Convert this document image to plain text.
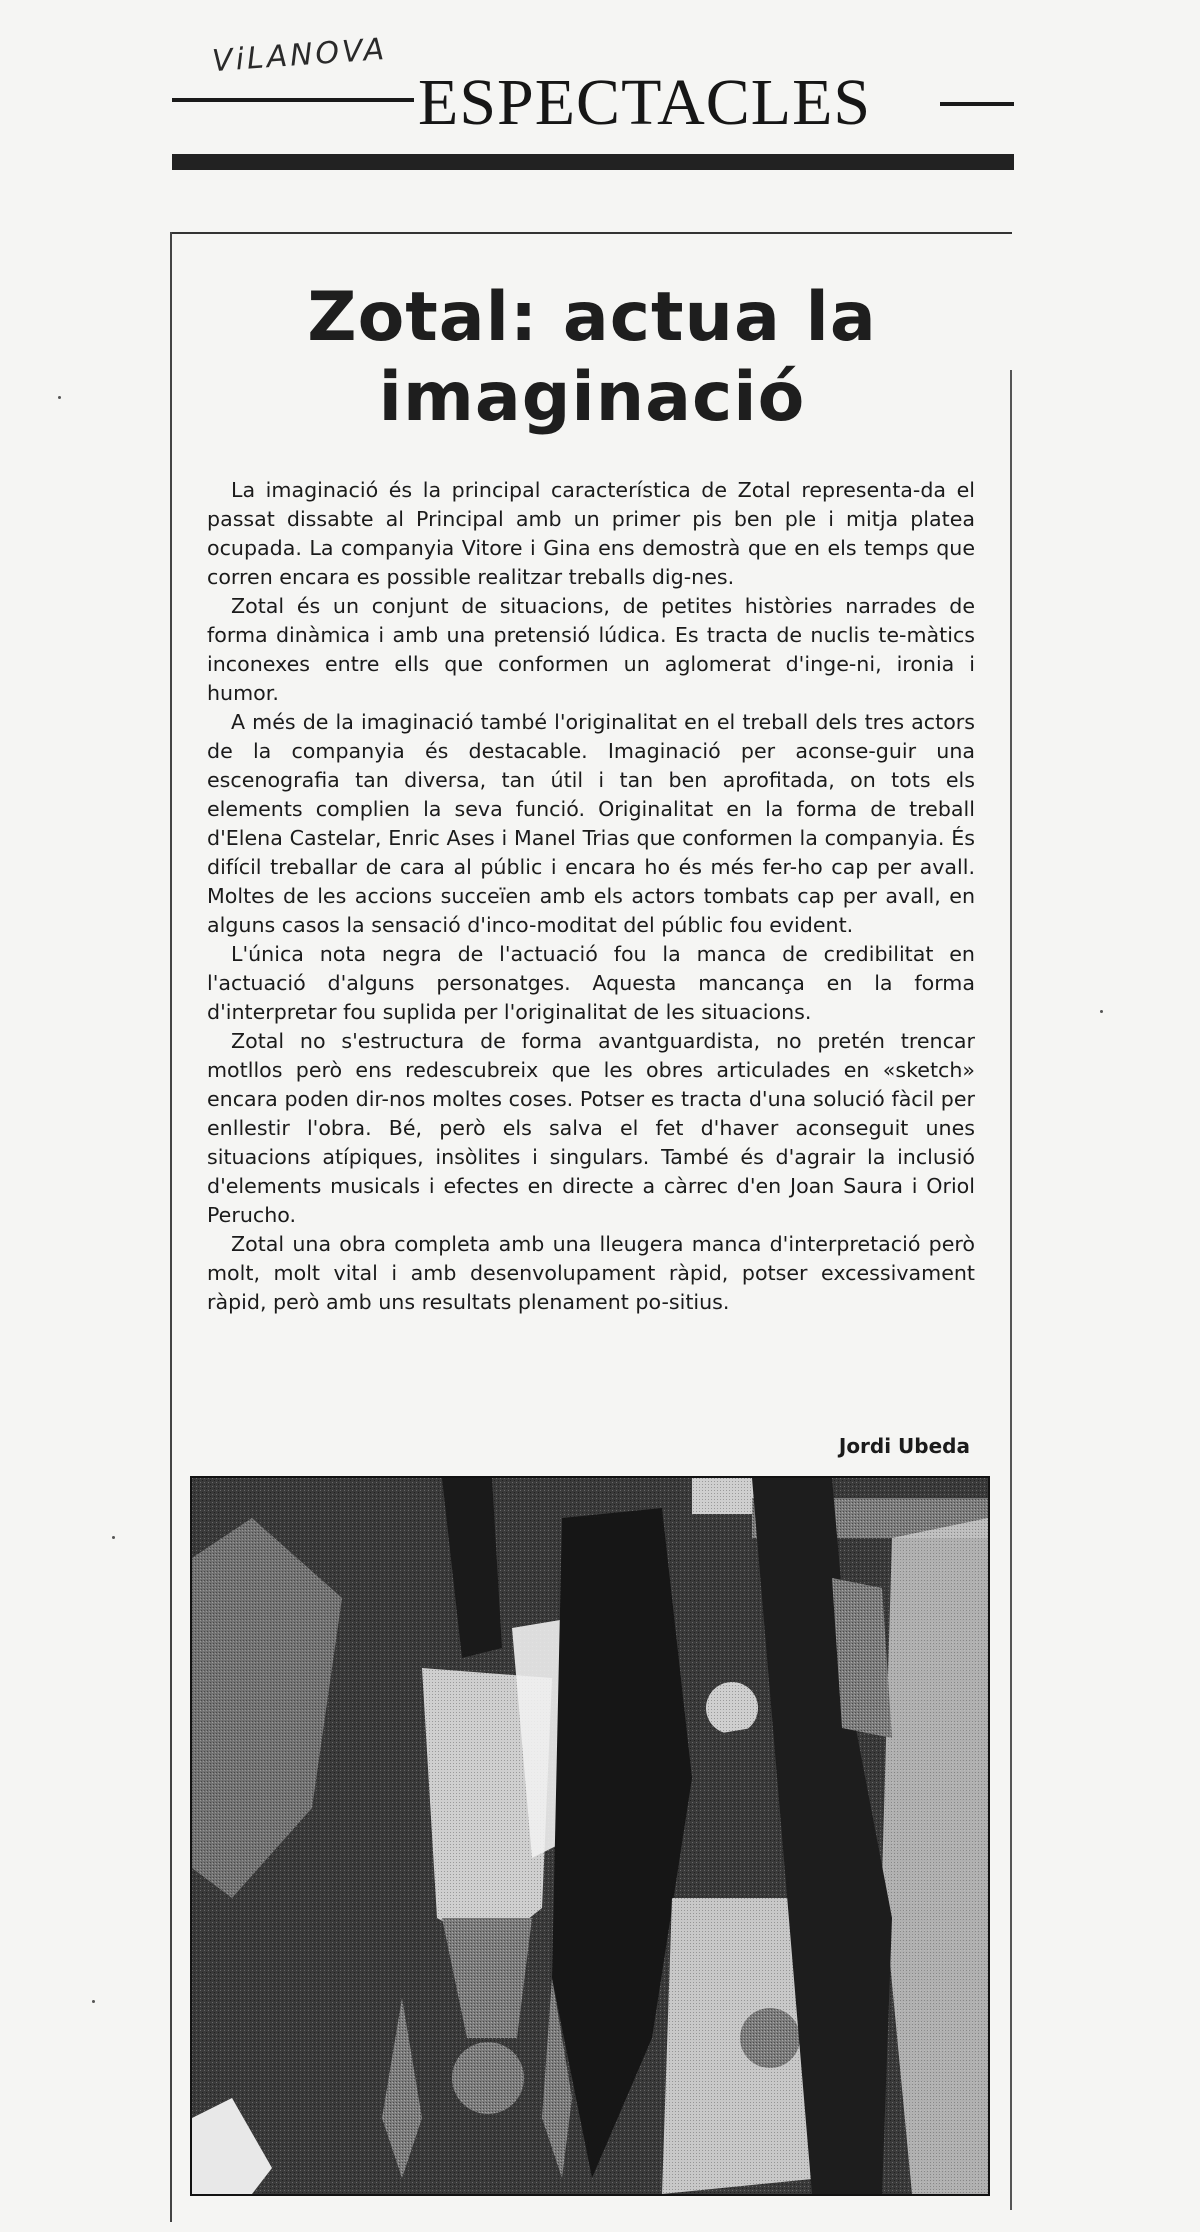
ViLANOVA
ESPECTACLES
Zotal: actua la imaginació

La imaginació és la principal característica de Zotal representa-da el passat dissabte al Principal amb un primer pis ben ple i mitja platea ocupada. La companyia Vitore i Gina ens demostrà que en els temps que corren encara es possible realitzar treballs dig-nes.

Zotal és un conjunt de situacions, de petites històries narrades de forma dinàmica i amb una pretensió lúdica. Es tracta de nuclis te-màtics inconexes entre ells que conformen un aglomerat d'inge-ni, ironia i humor.

A més de la imaginació també l'originalitat en el treball dels tres actors de la companyia és destacable. Imaginació per aconse-guir una escenografia tan diversa, tan útil i tan ben aprofitada, on tots els elements complien la seva funció. Originalitat en la forma de treball d'Elena Castelar, Enric Ases i Manel Trias que conformen la companyia. És difícil treballar de cara al públic i encara ho és més fer-ho cap per avall. Moltes de les accions succeïen amb els actors tombats cap per avall, en alguns casos la sensació d'inco-moditat del públic fou evident.

L'única nota negra de l'actuació fou la manca de credibilitat en l'actuació d'alguns personatges. Aquesta mancança en la forma d'interpretar fou suplida per l'originalitat de les situacions.

Zotal no s'estructura de forma avantguardista, no pretén trencar motllos però ens redescubreix que les obres articulades en «sketch» encara poden dir-nos moltes coses. Potser es tracta d'una solució fàcil per enllestir l'obra. Bé, però els salva el fet d'haver aconseguit unes situacions atípiques, insòlites i singulars. També és d'agrair la inclusió d'elements musicals i efectes en directe a càrrec d'en Joan Saura i Oriol Perucho.

Zotal una obra completa amb una lleugera manca d'interpretació però molt, molt vital i amb desenvolupament ràpid, potser excessivament ràpid, però amb uns resultats plenament po-sitius.

Jordi Ubeda
